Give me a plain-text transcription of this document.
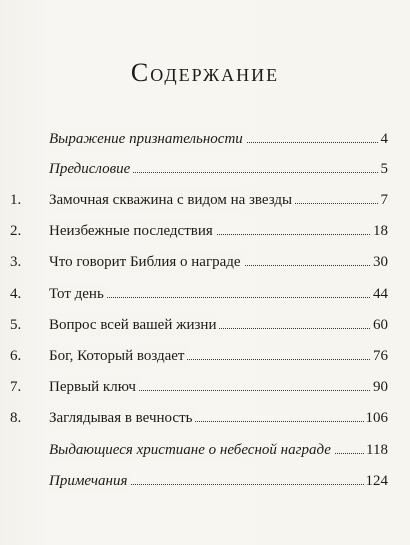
Содержание
Выражение признательности	4
Предисловие	5
1.	Замочная скважина с видом на звезды	7
2.	Неизбежные последствия	18
3.	Что говорит Библия о награде	30
4.	Тот день	44
5.	Вопрос всей вашей жизни	60
6.	Бог, Который воздает	76
7.	Первый ключ	90
8.	Заглядывая в вечность	106
Выдающиеся христиане о небесной награде 118
Примечания	124
